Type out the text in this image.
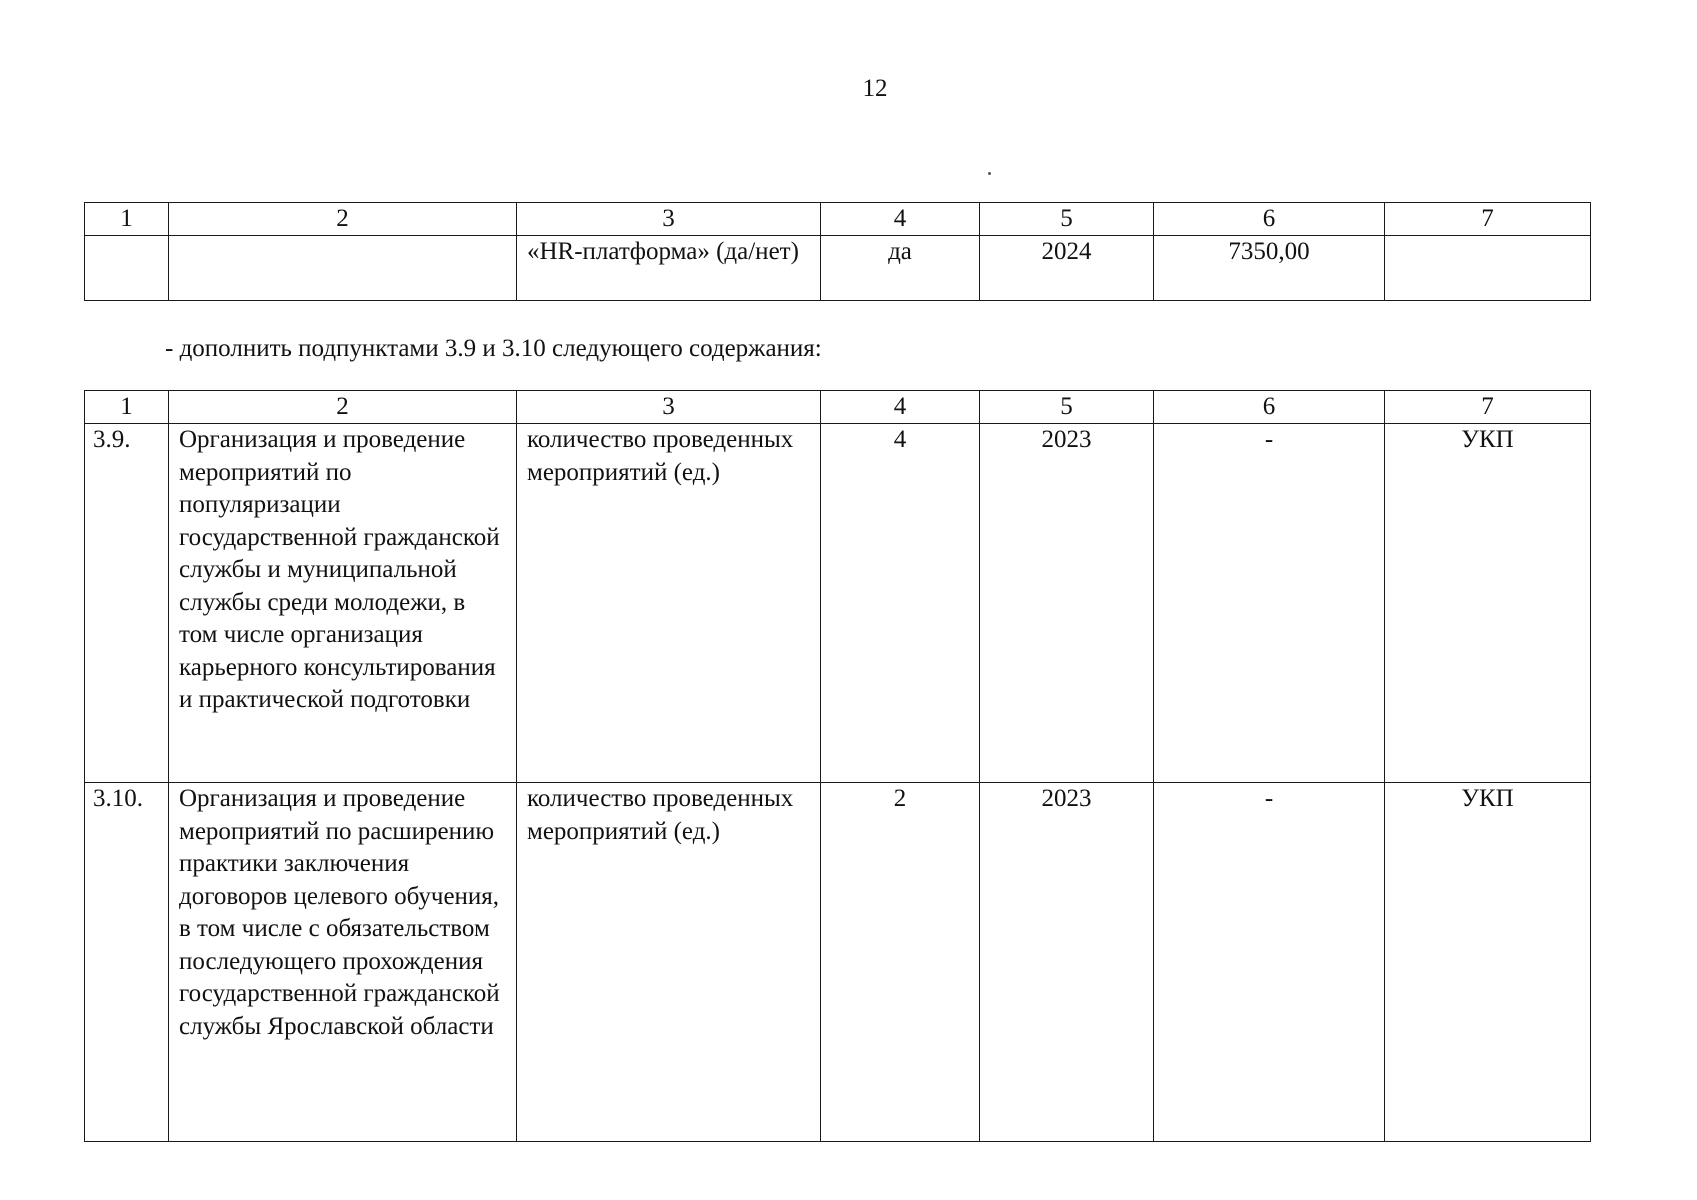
12
1	2	3	4	5	6	7
		«HR-платформа» (да/нет)	да	2024	7350,00	
- дополнить подпунктами 3.9 и 3.10 следующего содержания:
1	2	3	4	5	6	7
3.9.	Организация и проведение мероприятий по популяризации государственной гражданской службы и муниципальной службы среди молодежи, в том числе организация карьерного консультирования и практической подготовки	количество проведенных мероприятий (ед.)	4	2023	-	УКП
3.10.	Организация и проведение мероприятий по расширению практики заключения договоров целевого обучения, в том числе с обязательством последующего прохождения государственной гражданской службы Ярославской области	количество проведенных мероприятий (ед.)	2	2023	-	УКП
